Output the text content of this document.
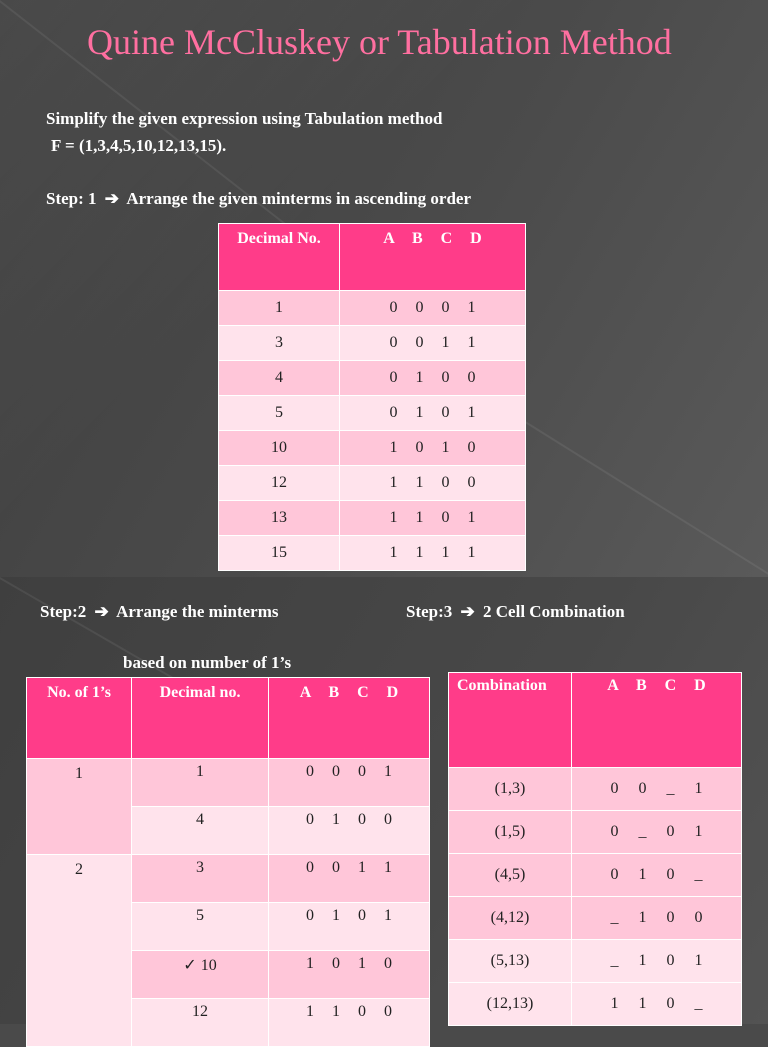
Quine McCluskey or Tabulation Method
Simplify the given expression using Tabulation method
F = (1,3,4,5,10,12,13,15).
Step: 1 ➔ Arrange the given minterms in ascending order
Decimal No.	A B C D
1	0 0 0 1
3	0 0 1 1
4	0 1 0 0
5	0 1 0 1
10	1 0 1 0
12	1 1 0 0
13	1 1 0 1
15	1 1 1 1
Step:2 ➔ Arrange the minterms
based on number of 1’s
Step:3 ➔ 2 Cell Combination
No. of 1’s	Decimal no.	A B C D
1	1	0 0 0 1
	4	0 1 0 0
2	3	0 0 1 1
	5	0 1 0 1
	✓ 10	1 0 1 0
	12	1 1 0 0
Combination	A B C D
(1,3)	0 0 _ 1
(1,5)	0 _ 0 1
(4,5)	0 1 0 _
(4,12)	_ 1 0 0
(5,13)	_ 1 0 1
(12,13)	1 1 0 _
